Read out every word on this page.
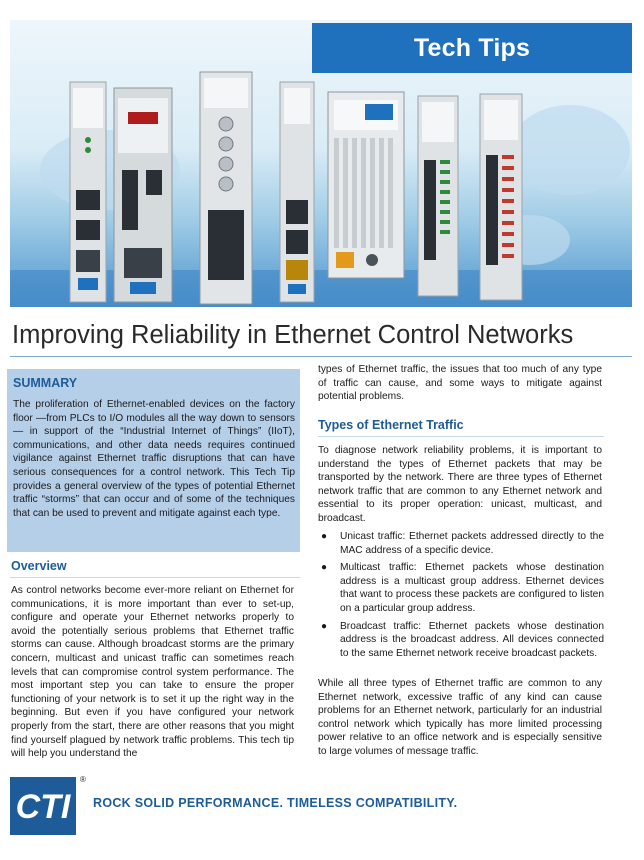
Tech Tips
Improving Reliability in Ethernet Control Networks
SUMMARY

The proliferation of Ethernet-enabled devices on the factory floor —from PLCs to I/O modules all the way down to sensors — in support of the “Industrial Internet of Things” (IIoT), communications, and other data needs requires continued vigilance against Ethernet traffic disruptions that can have serious consequences for a control network. This Tech Tip provides a general overview of the types of potential Ethernet traffic “storms” that can occur and of some of the techniques that can be used to prevent and mitigate against each type.

Overview

As control networks become ever-more reliant on Ethernet for communications, it is more important than ever to set-up, configure and operate your Ethernet networks properly to avoid the potentially serious problems that Ethernet traffic storms can cause. Although broadcast storms are the primary concern, multicast and unicast traffic can sometimes reach levels that can compromise control system performance. The most important step you can take to ensure the proper functioning of your network is to set it up the right way in the beginning. But even if you have configured your network properly from the start, there are other reasons that you might find yourself plagued by network traffic problems. This tech tip will help you understand the

types of Ethernet traffic, the issues that too much of any type of traffic can cause, and some ways to mitigate against potential problems.

Types of Ethernet Traffic

To diagnose network reliability problems, it is important to understand the types of Ethernet packets that may be transported by the network. There are three types of Ethernet network traffic that are common to any Ethernet network and essential to its proper operation: unicast, multicast, and broadcast.

● Unicast traffic: Ethernet packets addressed directly to the MAC address of a specific device.
● Multicast traffic: Ethernet packets whose destination address is a multicast group address. Ethernet devices that want to process these packets are configured to listen on a particular group address.
● Broadcast traffic: Ethernet packets whose destination address is the broadcast address. All devices connected to the same Ethernet network receive broadcast packets.

While all three types of Ethernet traffic are common to any Ethernet network, excessive traffic of any kind can cause problems for an Ethernet network, particularly for an industrial control network which typically has more limited processing power relative to an office network and is especially sensitive to large volumes of message traffic.

CTI
®
ROCK SOLID PERFORMANCE. TIMELESS COMPATIBILITY.
